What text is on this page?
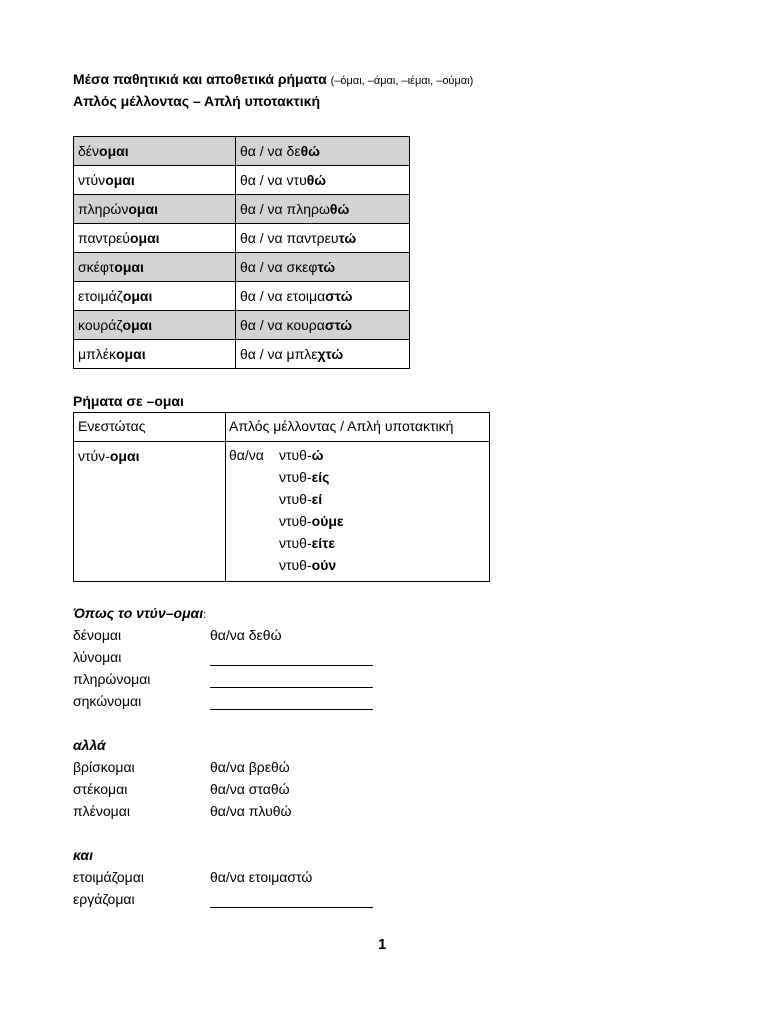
Μέσα παθητικιά και αποθετικά ρήματα (–όμαι, –άμαι, –ιέμαι, –ούμαι)
Απλός μέλλοντας – Απλή υποτακτική
δένομαι	θα / να δεθώ
ντύνομαι	θα / να ντυθώ
πληρώνομαι	θα / να πληρωθώ
παντρεύομαι	θα / να παντρευτώ
σκέφτομαι	θα / να σκεφτώ
ετοιμάζομαι	θα / να ετοιμαστώ
κουράζομαι	θα / να κουραστώ
μπλέκομαι	θα / να μπλεχτώ
Ρήματα σε –ομαι
Ενεστώτας	Απλός μέλλοντας / Απλή υποτακτική
ντύν-ομαι	θα/να ντυθ-ώ
ντυθ-είς
ντυθ-εί
ντυθ-ούμε
ντυθ-είτε
ντυθ-ούν
Όπως το ντύν–ομαι:
δένομαι	θα/να δεθώ
λύνομαι
πληρώνομαι
σηκώνομαι
αλλά
βρίσκομαι	θα/να βρεθώ
στέκομαι	θα/να σταθώ
πλένομαι	θα/να πλυθώ
και
ετοιμάζομαι	θα/να ετοιμαστώ
εργάζομαι
1
